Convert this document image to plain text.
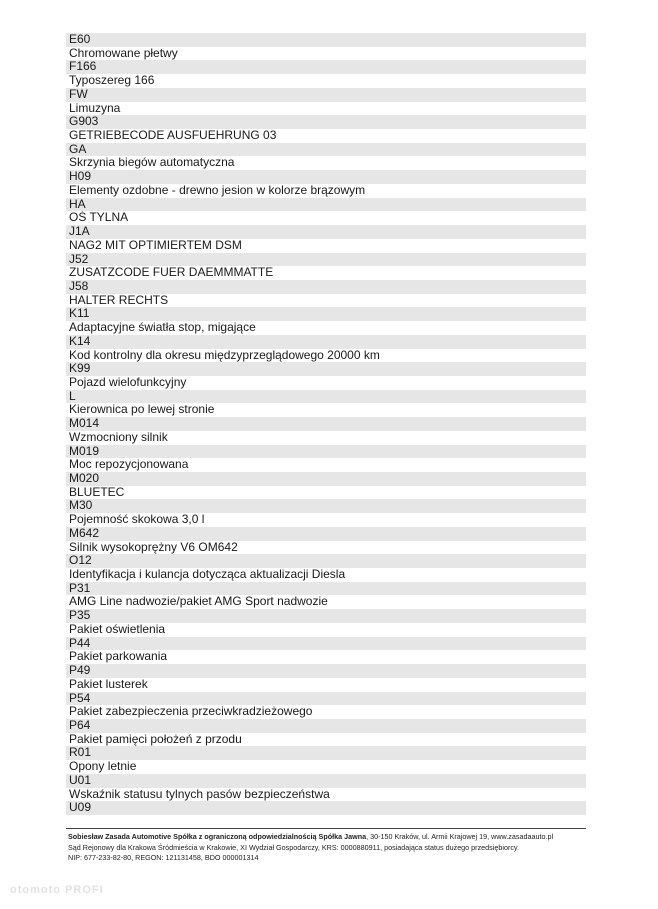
E60
Chromowane płetwy
F166
Typoszereg 166
FW
Limuzyna
G903
GETRIEBECODE AUSFUEHRUNG 03
GA
Skrzynia biegów automatyczna
H09
Elementy ozdobne - drewno jesion w kolorze brązowym
HA
OŚ TYLNA
J1A
NAG2 MIT OPTIMIERTEM DSM
J52
ZUSATZCODE FUER DAEMMMATTE
J58
HALTER RECHTS
K11
Adaptacyjne światła stop, migające
K14
Kod kontrolny dla okresu międzyprzeglądowego 20000 km
K99
Pojazd wielofunkcyjny
L
Kierownica po lewej stronie
M014
Wzmocniony silnik
M019
Moc repozycjonowana
M020
BLUETEC
M30
Pojemność skokowa 3,0 l
M642
Silnik wysokoprężny V6 OM642
O12
Identyfikacja i kulancja dotycząca aktualizacji Diesla
P31
AMG Line nadwozie/pakiet AMG Sport nadwozie
P35
Pakiet oświetlenia
P44
Pakiet parkowania
P49
Pakiet lusterek
P54
Pakiet zabezpieczenia przeciwkradzieżowego
P64
Pakiet pamięci położeń z przodu
R01
Opony letnie
U01
Wskaźnik statusu tylnych pasów bezpieczeństwa
U09
Sobiesław Zasada Automotive Spółka z ograniczoną odpowiedzialnością Spółka Jawna, 30-150 Kraków, ul. Armii Krajowej 19, www.zasadaauto.pl
Sąd Rejonowy dla Krakowa Śródmieścia w Krakowie, XI Wydział Gospodarczy, KRS: 0000880911, posiadająca status dużego przedsiębiorcy.
NIP: 677-233-82-80, REGON: 121131458, BDO 000001314
otomoto PROFI
